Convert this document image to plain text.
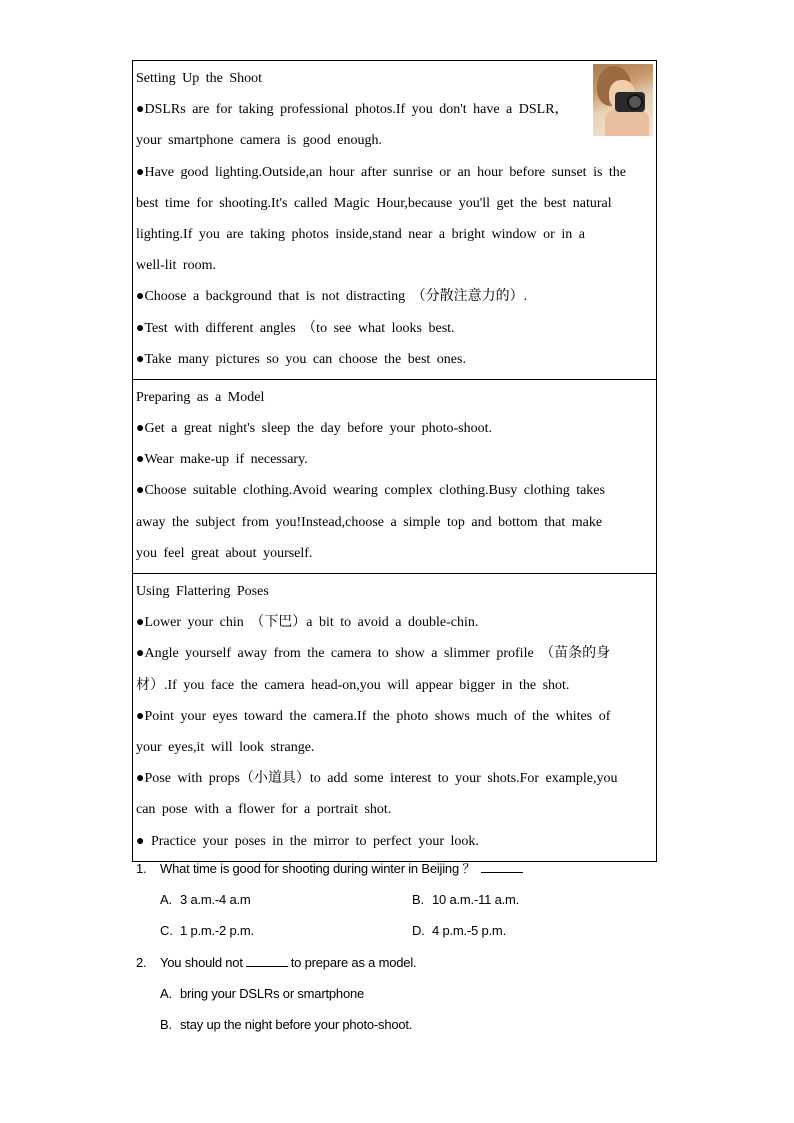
Setting Up the Shoot
●DSLRs are for taking professional photos.If you don't have a DSLR，
your smartphone camera is good enough.
●Have good lighting.Outside,an hour after sunrise or an hour before sunset is the
best time for shooting.It's called Magic Hour,because you'll get the best natural
lighting.If you are taking photos inside,stand near a bright window or in a
well-lit room.
●Choose a background that is not distracting （分散注意力的）.
●Test with different angles （to see what looks best.
●Take many pictures so you can choose the best ones.

Preparing as a Model
●Get a great night's sleep the day before your photo-shoot.
●Wear make-up if necessary.
●Choose suitable clothing.Avoid wearing complex clothing.Busy clothing takes
away the subject from you!Instead,choose a simple top and bottom that make
you feel great about yourself.

Using Flattering Poses
●Lower your chin （下巴）a bit to avoid a double-chin.
●Angle yourself away from the camera to show a slimmer profile （苗条的身
材）.If you face the camera head-on,you will appear bigger in the shot.
●Point your eyes toward the camera.If the photo shows much of the whites of
your eyes,it will look strange.
●Pose with props（小道具）to add some interest to your shots.For example,you
can pose with a flower for a portrait shot.
● Practice your poses in the mirror to perfect your look.
1. What time is good for shooting during winter in Beijing ？
A. 3 a.m.-4 a.m	B. 10 a.m.-11 a.m.
C. 1 p.m.-2 p.m.	D. 4 p.m.-5 p.m.
2. You should not	to prepare as a model.
A. bring your DSLRs or smartphone
B. stay up the night before your photo-shoot.
